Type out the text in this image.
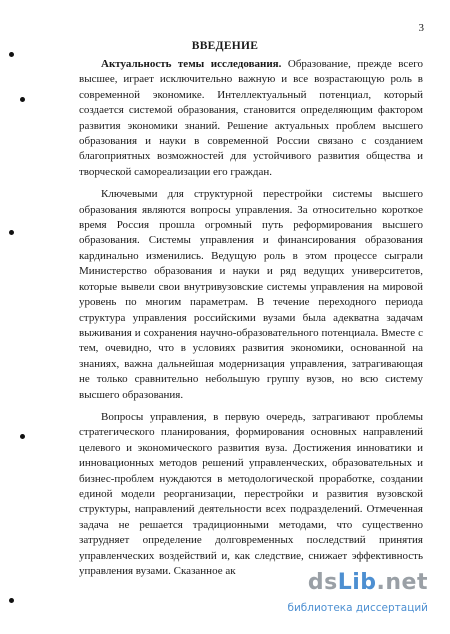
3
ВВЕДЕНИЕ

Актуальность темы исследования. Образование, прежде всего высшее, играет исключительно важную и все возрастающую роль в современной экономике. Интеллектуальный потенциал, который создается системой образования, становится определяющим фактором развития экономики знаний. Решение актуальных проблем высшего образования и науки в современной России связано с созданием благоприятных возможностей для устойчивого развития общества и творческой самореализации его граждан.

Ключевыми для структурной перестройки системы высшего образования являются вопросы управления. За относительно короткое время Россия прошла огромный путь реформирования высшего образования. Системы управления и финансирования образования кардинально изменились. Ведущую роль в этом процессе сыграли Министерство образования и науки и ряд ведущих университетов, которые вывели свои внутривузовские системы управления на мировой уровень по многим параметрам. В течение переходного периода структура управления российскими вузами была адекватна задачам выживания и сохранения научно-образовательного потенциала. Вместе с тем, очевидно, что в условиях развития экономики, основанной на знаниях, важна дальнейшая модернизация управления, затрагивающая не только сравнительно небольшую группу вузов, но всю систему высшего образования.

Вопросы управления, в первую очередь, затрагивают проблемы стратегического планирования, формирования основных направлений целевого и экономического развития вуза. Достижения инноватики и инновационных методов решений управленческих, образовательных и бизнес-проблем нуждаются в методологической проработке, создании единой модели реорганизации, перестройки и развития вузовской структуры, направлений деятельности всех подразделений. Отмеченная задача не решается традиционными методами, что существенно затрудняет определение долговременных последствий принятия управленческих воздействий и, как следствие, снижает эффективность управления вузами. Сказанное ак	dsLib.net
библиотека диссертаций
